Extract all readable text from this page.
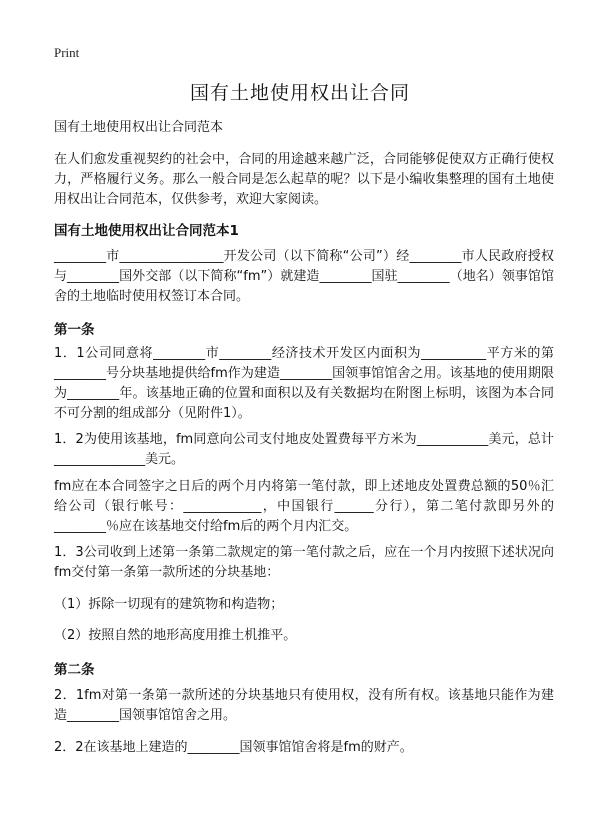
Print
国有土地使用权出让合同

国有土地使用权出让合同范本

在人们愈发重视契约的社会中，合同的用途越来越广泛，合同能够促使双方正确行使权力，严格履行义务。那么一般合同是怎么起草的呢？以下是小编收集整理的国有土地使用权出让合同范本，仅供参考，欢迎大家阅读。

国有土地使用权出让合同范本1

________市________________开发公司（以下简称“公司”）经________市人民政府授权与________国外交部（以下简称“fm”）就建造________国驻________（地名）领事馆馆舍的土地临时使用权签订本合同。

第一条

1．1公司同意将________市________经济技术开发区内面积为__________平方米的第________号分块基地提供给fm作为建造________国领事馆馆舍之用。该基地的使用期限为________年。该基地正确的位置和面积以及有关数据均在附图上标明，该图为本合同不可分割的组成部分（见附件1）。

1．2为使用该基地，fm同意向公司支付地皮处置费每平方米为___________美元，总计______________美元。

fm应在本合同签字之日后的两个月内将第一笔付款，即上述地皮处置费总额的50％汇给公司（银行帐号：____________，中国银行______分行），第二笔付款即另外的________％应在该基地交付给fm后的两个月内汇交。

1．3公司收到上述第一条第二款规定的第一笔付款之后，应在一个月内按照下述状况向fm交付第一条第一款所述的分块基地：

（1）拆除一切现有的建筑物和构造物；

（2）按照自然的地形高度用推土机推平。

第二条

2．1fm对第一条第一款所述的分块基地只有使用权，没有所有权。该基地只能作为建造________国领事馆馆舍之用。

2．2在该基地上建造的________国领事馆馆舍将是fm的财产。
